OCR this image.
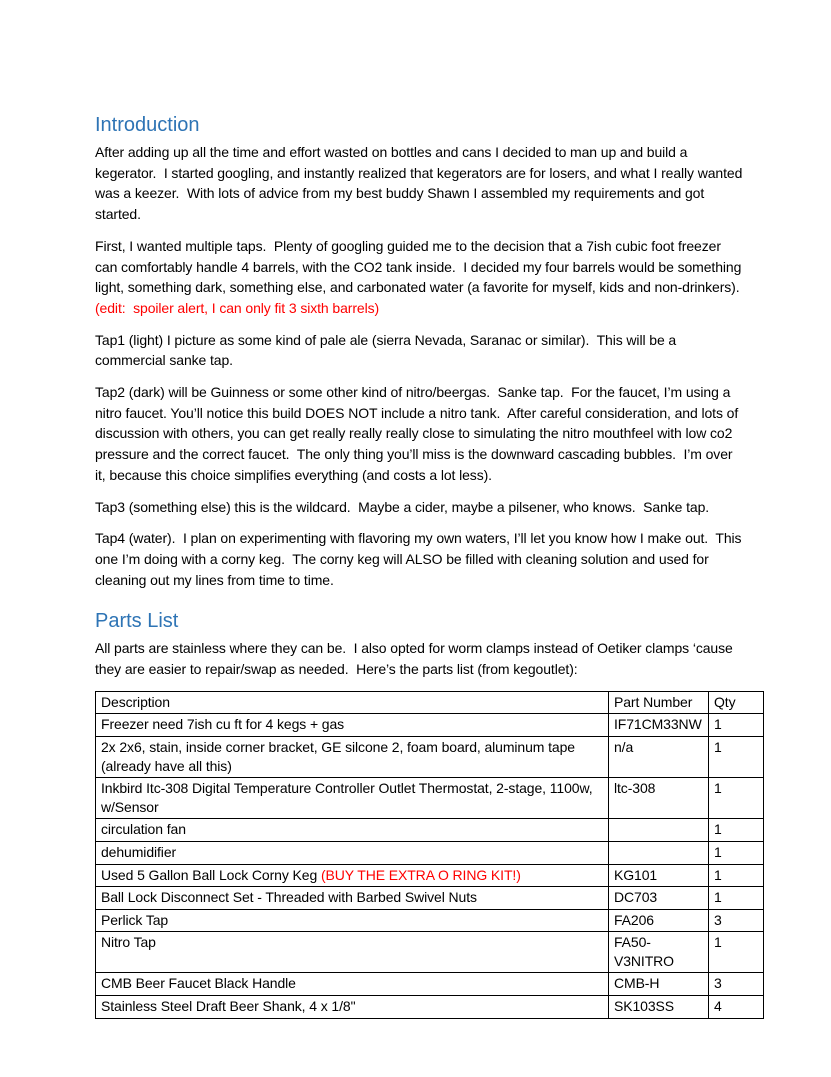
Introduction

After adding up all the time and effort wasted on bottles and cans I decided to man up and build a kegerator.  I started googling, and instantly realized that kegerators are for losers, and what I really wanted was a keezer.  With lots of advice from my best buddy Shawn I assembled my requirements and got started.

First, I wanted multiple taps.  Plenty of googling guided me to the decision that a 7ish cubic foot freezer can comfortably handle 4 barrels, with the CO2 tank inside.  I decided my four barrels would be something light, something dark, something else, and carbonated water (a favorite for myself, kids and non-drinkers). (edit:  spoiler alert, I can only fit 3 sixth barrels)

Tap1 (light) I picture as some kind of pale ale (sierra Nevada, Saranac or similar).  This will be a commercial sanke tap.

Tap2 (dark) will be Guinness or some other kind of nitro/beergas.  Sanke tap.  For the faucet, I’m using a nitro faucet. You’ll notice this build DOES NOT include a nitro tank.  After careful consideration, and lots of discussion with others, you can get really really really close to simulating the nitro mouthfeel with low co2 pressure and the correct faucet.  The only thing you’ll miss is the downward cascading bubbles.  I’m over it, because this choice simplifies everything (and costs a lot less).

Tap3 (something else) this is the wildcard.  Maybe a cider, maybe a pilsener, who knows.  Sanke tap.

Tap4 (water).  I plan on experimenting with flavoring my own waters, I’ll let you know how I make out.  This one I’m doing with a corny keg.  The corny keg will ALSO be filled with cleaning solution and used for cleaning out my lines from time to time.

Parts List

All parts are stainless where they can be.  I also opted for worm clamps instead of Oetiker clamps ‘cause they are easier to repair/swap as needed.  Here’s the parts list (from kegoutlet):

Description	Part Number	Qty
Freezer need 7ish cu ft for 4 kegs + gas	IF71CM33NW	1
2x 2x6, stain, inside corner bracket, GE silcone 2, foam board, aluminum tape (already have all this)	n/a	1
Inkbird Itc-308 Digital Temperature Controller Outlet Thermostat, 2-stage, 1100w, w/Sensor	ltc-308	1
circulation fan		1
dehumidifier		1
Used 5 Gallon Ball Lock Corny Keg (BUY THE EXTRA O RING KIT!)	KG101	1
Ball Lock Disconnect Set - Threaded with Barbed Swivel Nuts	DC703	1
Perlick Tap	FA206	3
Nitro Tap	FA50-V3NITRO	1
CMB Beer Faucet Black Handle	CMB-H	3
Stainless Steel Draft Beer Shank, 4 x 1/8"	SK103SS	4
